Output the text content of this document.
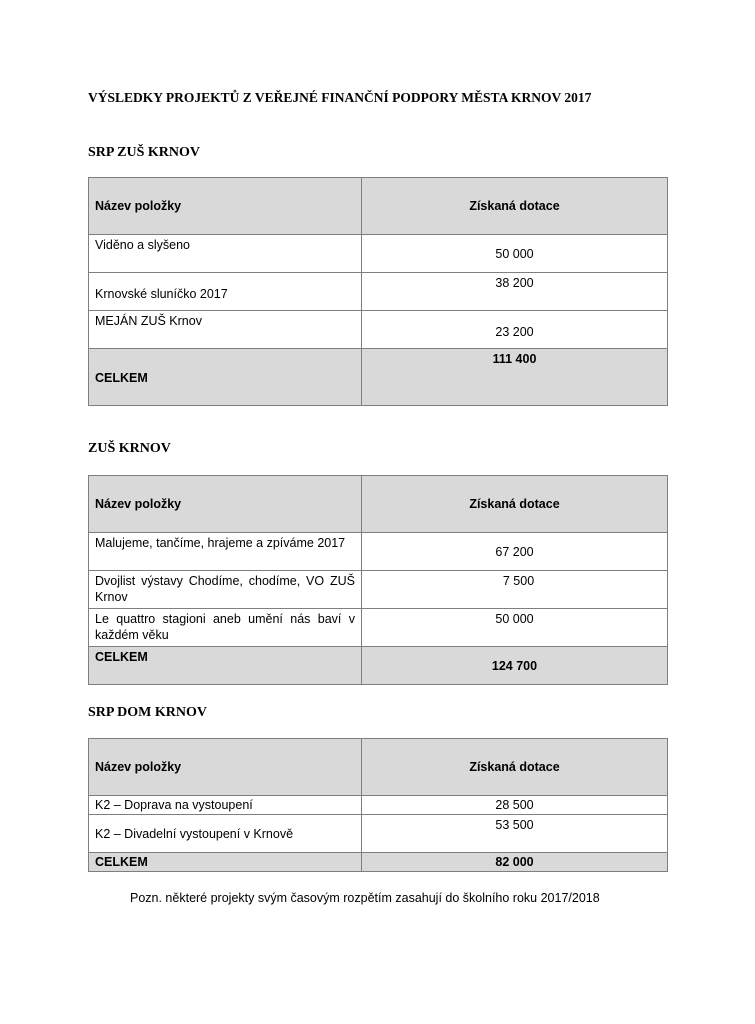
VÝSLEDKY PROJEKTŮ Z VEŘEJNÉ FINANČNÍ PODPORY MĚSTA KRNOV 2017
SRP ZUŠ KRNOV
Název položky	Získaná dotace
Viděno a slyšeno	50 000
Krnovské sluníčko 2017	38 200
MEJÁN ZUŠ Krnov	23 200
CELKEM	111 400
ZUŠ KRNOV
Název položky	Získaná dotace
Malujeme, tančíme, hrajeme a zpíváme 2017	67 200
Dvojlist výstavy Chodíme, chodíme, VO ZUŠ Krnov	7 500
Le quattro stagioni aneb umění nás baví v každém věku	50 000
CELKEM	124 700
SRP DOM KRNOV
Název položky	Získaná dotace
K2 – Doprava na vystoupení	28 500
K2 – Divadelní vystoupení v Krnově	53 500
CELKEM	82 000
Pozn. některé projekty svým časovým rozpětím zasahují do školního roku 2017/2018
